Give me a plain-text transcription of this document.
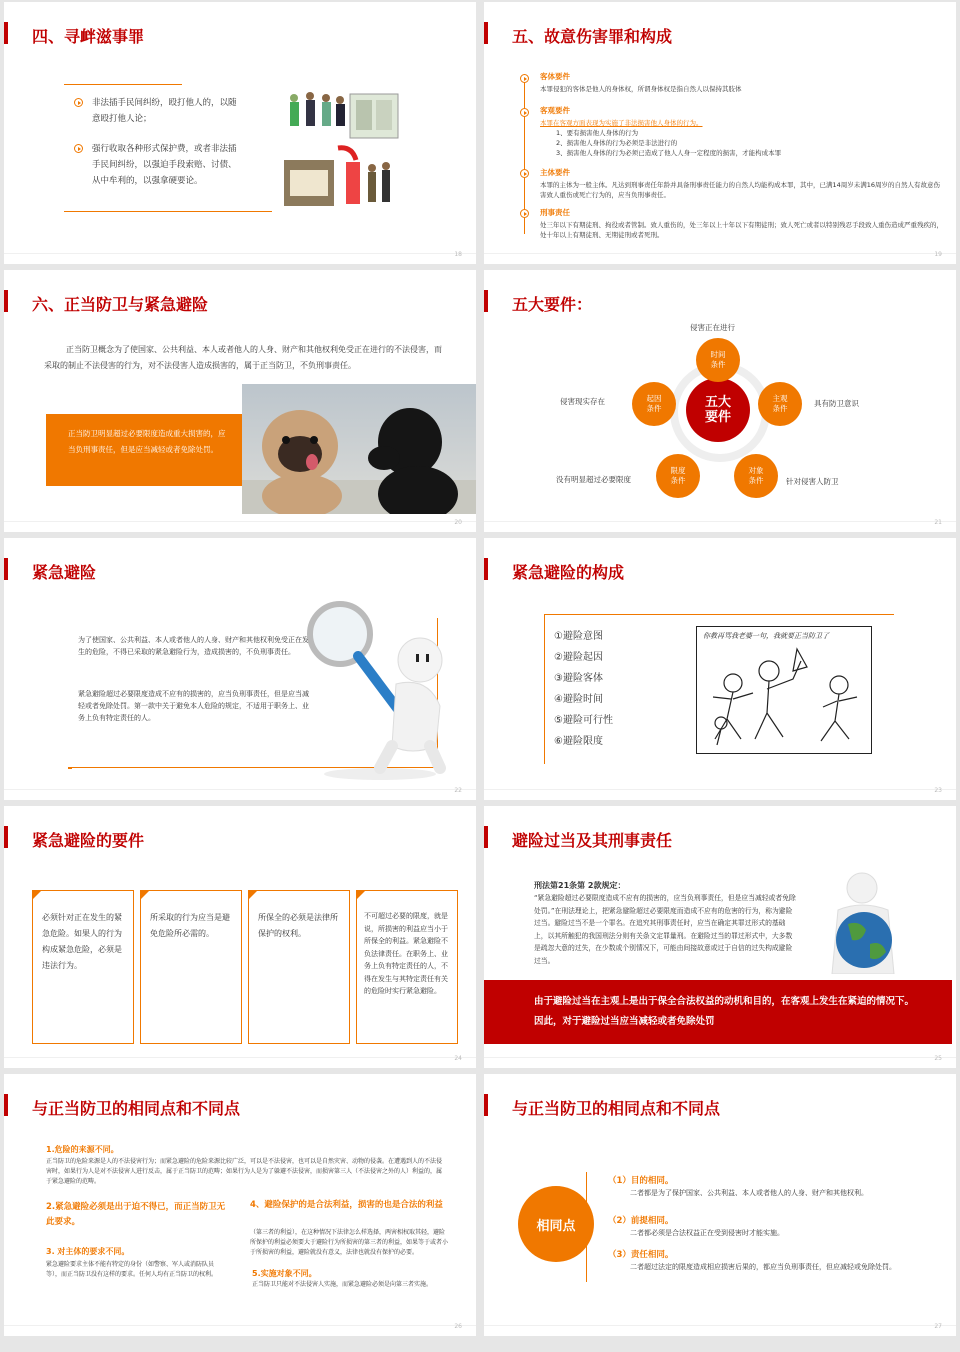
四、寻衅滋事罪
非法插手民间纠纷，殴打他人的，以随意殴打他人论；
强行收取各种形式保护费，或者非法插手民间纠纷，以强迫手段索赔、讨债、从中牟利的，以强拿硬要论。
18
五、故意伤害罪和构成
客体要件
本罪侵犯的客体是他人的身体权，所谓身体权是指自然人以保持其肢体
客观要件
本罪在客观方面表现为实施了非法损害他人身体的行为。
1、要有损害他人身体的行为
2、损害他人身体的行为必须是非法进行的
3、损害他人身体的行为必须已造成了他人人身一定程度的损害，才能构成本罪
主体要件
本罪的主体为一般主体。凡达到刑事责任年龄并具备刑事责任能力的自然人均能构成本罪，其中，已满14周岁未满16周岁的自然人有故意伤害致人重伤或死亡行为的，应当负刑事责任。
刑事责任
处三年以下有期徒刑、拘役或者管制。致人重伤的，处三年以上十年以下有期徒刑；致人死亡或者以特别残忍手段致人重伤造成严重残疾的，处十年以上有期徒刑、无期徒刑或者死刑。
19
六、正当防卫与紧急避险
正当防卫概念为了使国家、公共利益、本人或者他人的人身、财产和其他权利免受正在进行的不法侵害，而采取的制止不法侵害的行为，对不法侵害人造成损害的，属于正当防卫，不负刑事责任。
正当防卫明显超过必要限度造成重大损害的，应当负刑事责任，但是应当减轻或者免除处罚。
20
五大要件：
五大
要件
时间
条件
主观
条件
对象
条件
限度
条件
起因
条件
侵害正在进行
具有防卫意识
针对侵害人防卫
没有明显超过必要限度
侵害现实存在
21
紧急避险
为了使国家、公共利益、本人或者他人的人身、财产和其他权利免受正在发生的危险，不得已采取的紧急避险行为，造成损害的，不负刑事责任。
紧急避险超过必要限度造成不应有的损害的，应当负刑事责任，但是应当减轻或者免除处罚。第一款中关于避免本人危险的规定，不适用于职务上、业务上负有特定责任的人。
22
紧急避险的构成
①避险意图
②避险起因
③避险客体
④避险时间
⑤避险可行性
⑥避险限度
你教再骂我老婆一句，我就要正当防卫了
23
紧急避险的要件
必须针对正在发生的紧急危险。如果人的行为构成紧急危险，必须是违法行为。
所采取的行为应当是避免危险所必需的。
所保全的必须是法律所保护的权利。
不可超过必要的限度，就是说，所损害的利益应当小于所保全的利益。紧急避险不负法律责任。在职务上、业务上负有特定责任的人，不得在发生与其特定责任有关的危险时实行紧急避险。
24
避险过当及其刑事责任
刑法第21条第 2款规定：
“紧急避险超过必要限度造成不应有的损害的，应当负刑事责任，但是应当减轻或者免除处罚。”在刑法理论上，把紧急避险超过必要限度而造成不应有的危害的行为，称为避险过当。避险过当不是一个罪名。在追究其刑事责任时，应当在确定其罪过形式的基础上，以其所触犯的我国刑法分则有关条文定罪量刑。在避险过当的罪过形式中，大多数是疏忽大意的过失，在少数或个别情况下，可能由间接故意或过于自信的过失构成避险过当。
由于避险过当在主观上是出于保全合法权益的动机和目的，在客观上发生在紧迫的情况下。因此，对于避险过当应当减轻或者免除处罚
25
与正当防卫的相同点和不同点
1.危险的来源不同。
正当防卫的危险来源是人的不法侵害行为；而紧急避险的危险来源比较广泛，可以是不法侵害，也可以是自然灾害、动物的侵袭。在遭遇到人的不法侵害时，如果行为人是对不法侵害人进行反击，属于正当防卫的范畴；如果行为人是为了躲避不法侵害，而损害第三人（不法侵害之外的人）利益的，属于紧急避险的范畴。
2.紧急避险必须是出于迫不得已，而正当防卫无此要求。
3. 对主体的要求不同。
紧急避险要求主体不能有特定的身份（如警察、军人或消防队员等），而正当防卫没有这样的要求。任何人均有正当防卫的权利。
4、避险保护的是合法利益，损害的也是合法的利益
（第三者的利益），在这种情况下法律怎么样选择，两害相权取其轻，避险所保护的利益必须要大于避险行为所损害的第三者的利益，如果等于或者小于所损害的利益，避险就没有意义，法律也就没有保护的必要。
5.实施对象不同。
正当防卫只能对不法侵害人实施，而紧急避险必须是向第三者实施。
26
与正当防卫的相同点和不同点
相同点
（1）目的相同。
二者都是为了保护国家、公共利益、本人或者他人的人身、财产和其他权利。
（2）前提相同。
二者都必须是合法权益正在受到侵害时才能实施。
（3）责任相同。
二者超过法定的限度造成相应损害后果的，都应当负刑事责任，但应减轻或免除处罚。
27
